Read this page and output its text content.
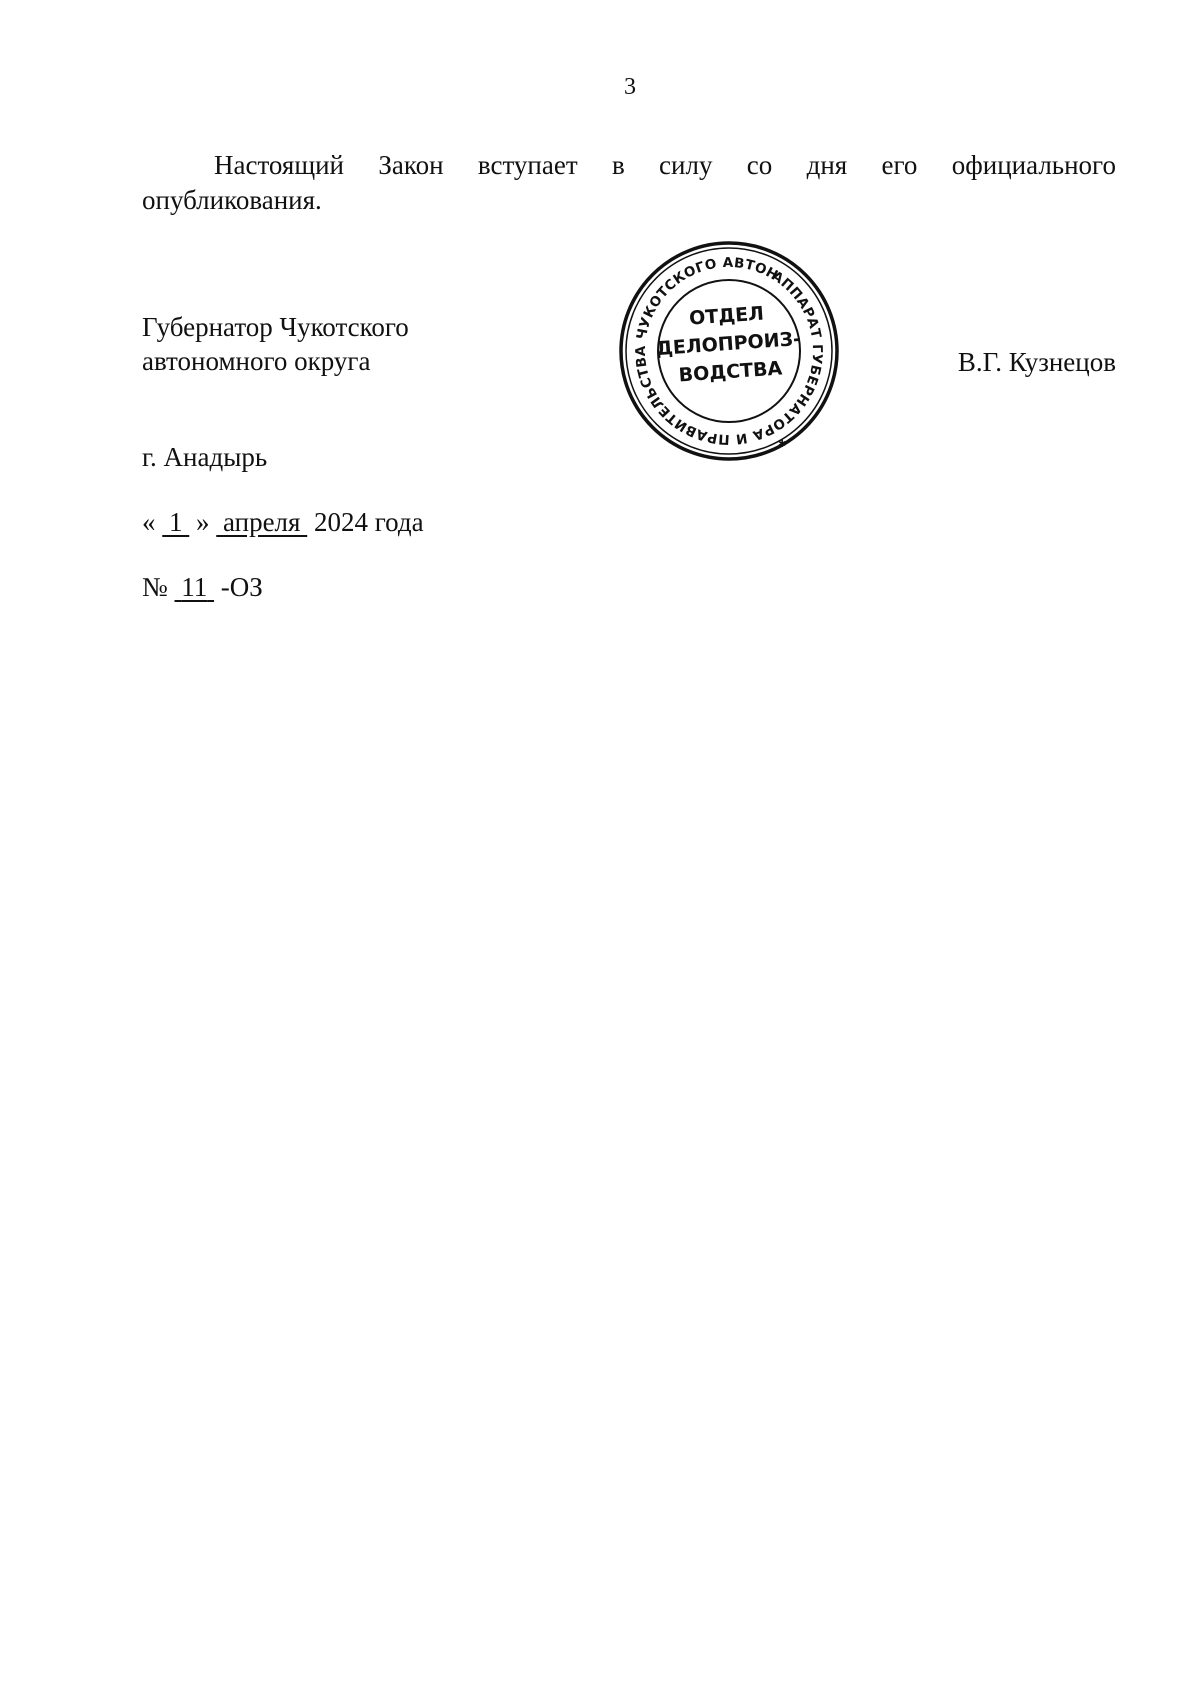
3
Настоящий Закон вступает в силу со дня его официального
опубликования.
Губернатор Чукотского
автономного округа
АППАРАТ ГУБЕРНАТОРА И ПРАВИТЕЛЬСТВА ЧУКОТСКОГО АВТОНОМНОГО
✱
ОТДЕЛ
ДЕЛОПРОИЗ-
ВОДСТВА	В.Г. Кузнецов
г. Анадырь
« 1 » апреля 2024 года
№ 11 -ОЗ
